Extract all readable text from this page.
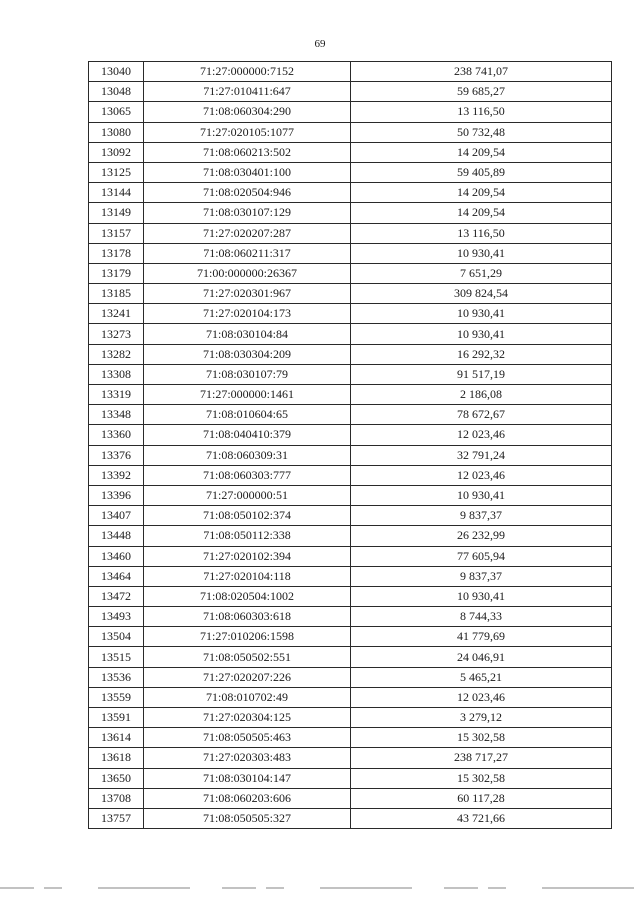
69
13040	71:27:000000:7152	238 741,07
13048	71:27:010411:647	59 685,27
13065	71:08:060304:290	13 116,50
13080	71:27:020105:1077	50 732,48
13092	71:08:060213:502	14 209,54
13125	71:08:030401:100	59 405,89
13144	71:08:020504:946	14 209,54
13149	71:08:030107:129	14 209,54
13157	71:27:020207:287	13 116,50
13178	71:08:060211:317	10 930,41
13179	71:00:000000:26367	7 651,29
13185	71:27:020301:967	309 824,54
13241	71:27:020104:173	10 930,41
13273	71:08:030104:84	10 930,41
13282	71:08:030304:209	16 292,32
13308	71:08:030107:79	91 517,19
13319	71:27:000000:1461	2 186,08
13348	71:08:010604:65	78 672,67
13360	71:08:040410:379	12 023,46
13376	71:08:060309:31	32 791,24
13392	71:08:060303:777	12 023,46
13396	71:27:000000:51	10 930,41
13407	71:08:050102:374	9 837,37
13448	71:08:050112:338	26 232,99
13460	71:27:020102:394	77 605,94
13464	71:27:020104:118	9 837,37
13472	71:08:020504:1002	10 930,41
13493	71:08:060303:618	8 744,33
13504	71:27:010206:1598	41 779,69
13515	71:08:050502:551	24 046,91
13536	71:27:020207:226	5 465,21
13559	71:08:010702:49	12 023,46
13591	71:27:020304:125	3 279,12
13614	71:08:050505:463	15 302,58
13618	71:27:020303:483	238 717,27
13650	71:08:030104:147	15 302,58
13708	71:08:060203:606	60 117,28
13757	71:08:050505:327	43 721,66
